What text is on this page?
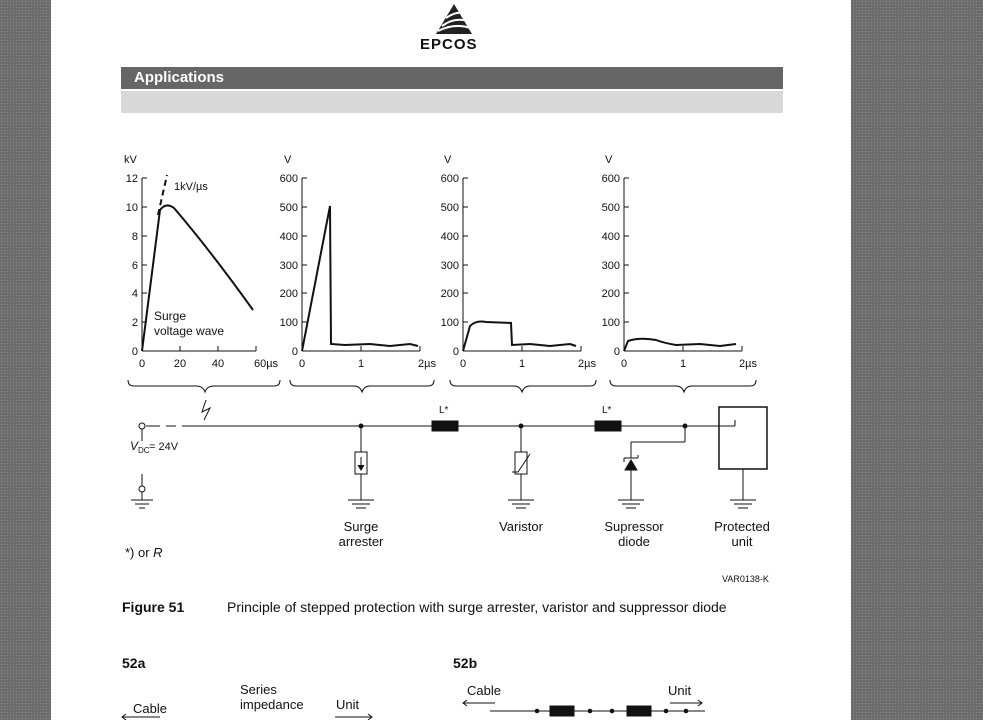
kV
12
10
8
6
4
2
0
0	20 40	60µs
1kV/µs
Surge
voltage wave
V
600
500
400
300
200
100
0
0	1	2µs
V
600
500
400
300
200
100
0
0	1	2µs
V
600
500
400
300
200
100
0
0	1	2µs
V DC = 24V
L*	L*
Surge
arrester
Varistor	Supressor
diode
Protected
unit
*) or R
VAR0138-K
Cable
Series
impedance Unit
Cable	Unit
EPCOS
Applications
Figure 51	Principle of stepped protection with surge arrester, varistor and suppressor diode
52a	52b
